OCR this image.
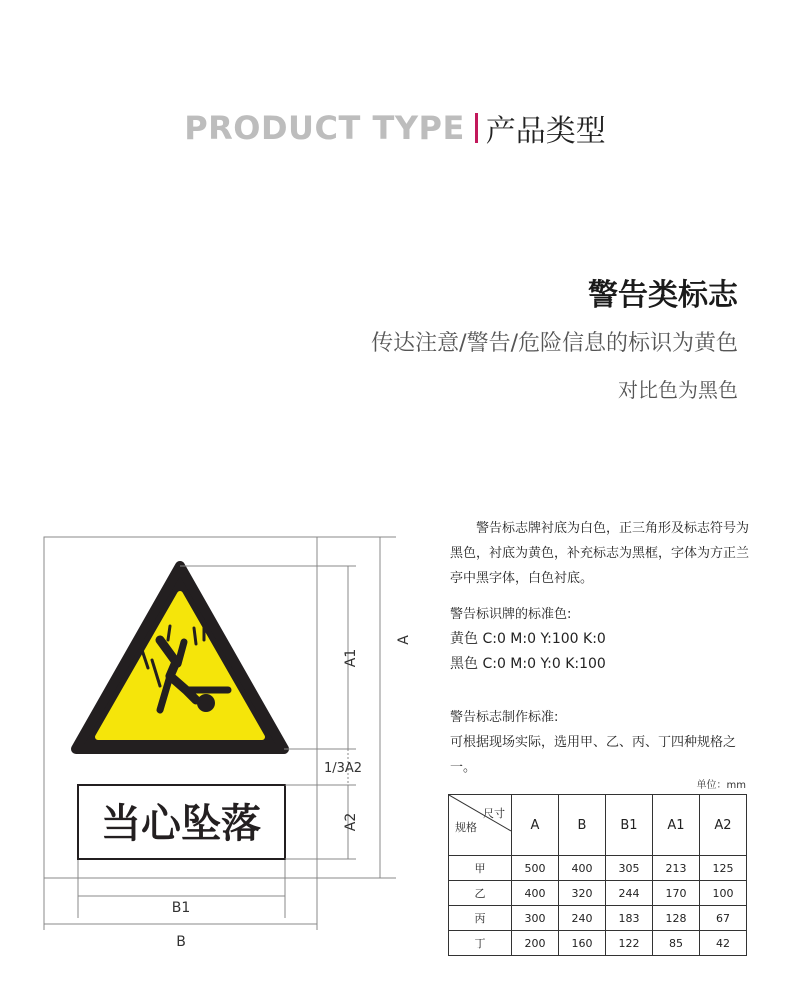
PRODUCT TYPE 产品类型
警告类标志
传达注意/警告/危险信息的标识为黄色
对比色为黑色
当心坠落
A
A1
A2
1/3A2
B1
B
警告标志牌衬底为白色，正三角形及标志符号为黑色，衬底为黄色，补充标志为黑框，字体为方正兰亭中黑字体，白色衬底。
警告标识牌的标准色:
黄色 C:0 M:0 Y:100 K:0
黑色 C:0 M:0 Y:0 K:100
警告标志制作标准:
可根据现场实际，选用甲、乙、丙、丁四种规格之一。
单位：mm
尺寸
规格	A	B	B1	A1	A2
甲	500	400	305	213	125
乙	400	320	244	170	100
丙	300	240	183	128	67
丁	200	160	122	85	42
